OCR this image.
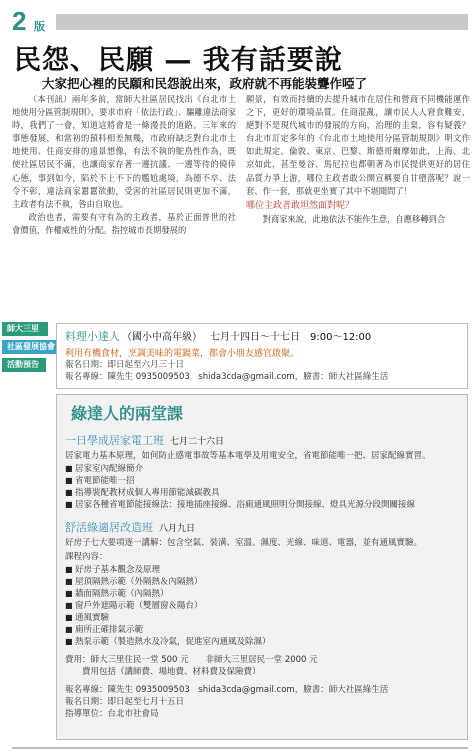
2 版
民怨、民願 — 我有話要說
大家把心裡的民願和民怨說出來，政府就不再能裝聾作啞了

（本刊訊）兩年多前，當師大社區居民找出《台北市土地使用分區管制規則》，要求市府「依法行政」、驅離違法商家時，我們了一會，知道這將會是一條漫長的道路。三年來的事態發展，和當初的預料相差無幾，市政府缺乏對台北市土地使用、住商安排的遠景想像，有法不執的鴕鳥性作為，既使社區居民不滿，也讓商家存著一邊抗議、一邊等待的僥倖心態，事到如今，陷於不上不下的尷尬處境，為德不卒、法令不彰，違法商家囂囂欲動，受害的社區居民則更加不滿，主政者有法不執，咎由自取也。

政治也者，需要有守有為的主政者，基於正面普世的社會價值，作權威性的分配。指控城市長期發展的

願景，有效而持續的去提升城市在居住和營商不同機能運作之下，更好的環境品質。住商混亂，讓市民人人窘食難安，絕對不是現代城市的發展的方向，治理的圭臬，容有疑義？台北市訂定多年的《台北市土地使用分區管制規則》明文作如此規定。倫敦、東京、巴黎、斯德哥爾摩如此，上海、北京如此，甚至曼谷、馬尼拉也都朝著為市民提供更好的居住品質力爭上游，哪位主政者敢公開宣稱要自甘墮落呢？說一套、作一套，那就更坐實了其中不堪聞問了！

哪位主政者敢坦然面對呢？

對商家來說，此地依法不能作生意，自應移轉到合

師大三里
社區發展協會
活動預告
料理小達人 （國小中高年級） 七月十四日～十七日　9:00～12:00
利用有機食材，烹調美味的電鍋菜，都會小朋友感官啟聚。
報名日期：即日起至六月三十日
報名專線：陳先生 0935009503　shida3cda@gmail.com，臉書：師大社區綠生活
綠達人的兩堂課
一日學成居家電工班 七月二十六日
居家電力基本原理，如何防止感電事故等基本電學及用電安全，省電節能唯一把、居家配線實習。
■ 居家室內配線簡介
■ 省電節能唯一招
■ 指導裝配教材成個人專用節能減碳教具
■ 居家各種省電節能接線法：接地插座接線、浴廁通風照明分開接線、燈具光源分段開關接線
舒活綠適居改造班 八月九日
好房子七大要項逐一講解：包含空氣、裝潢、室溫、濕度、光線、味道、電器，並有通風實驗。
課程內容：
■ 好房子基本觀念及原理
■ 屋頂隔熱示範（外隔熱＆內隔熱）
■ 牆面隔熱示範（內隔熱）
■ 窗戶外遮陽示範（雙層窗＆陽台）
■ 通風實驗
■ 廁所正確排氣示範
■ 熱泵示範（製造熱水及冷氣，促進室內通風及除濕）
費用：師大三里住民一堂 500 元　　非師大三里居民一堂 2000 元
　　費用包括（講師費、場地費、材料費及保險費）
報名專線：陳先生 0935009503　shida3cda@gmail.com，臉書：師大社區綠生活
報名日期：即日起至七月十五日
指導單位：台北市社會局
